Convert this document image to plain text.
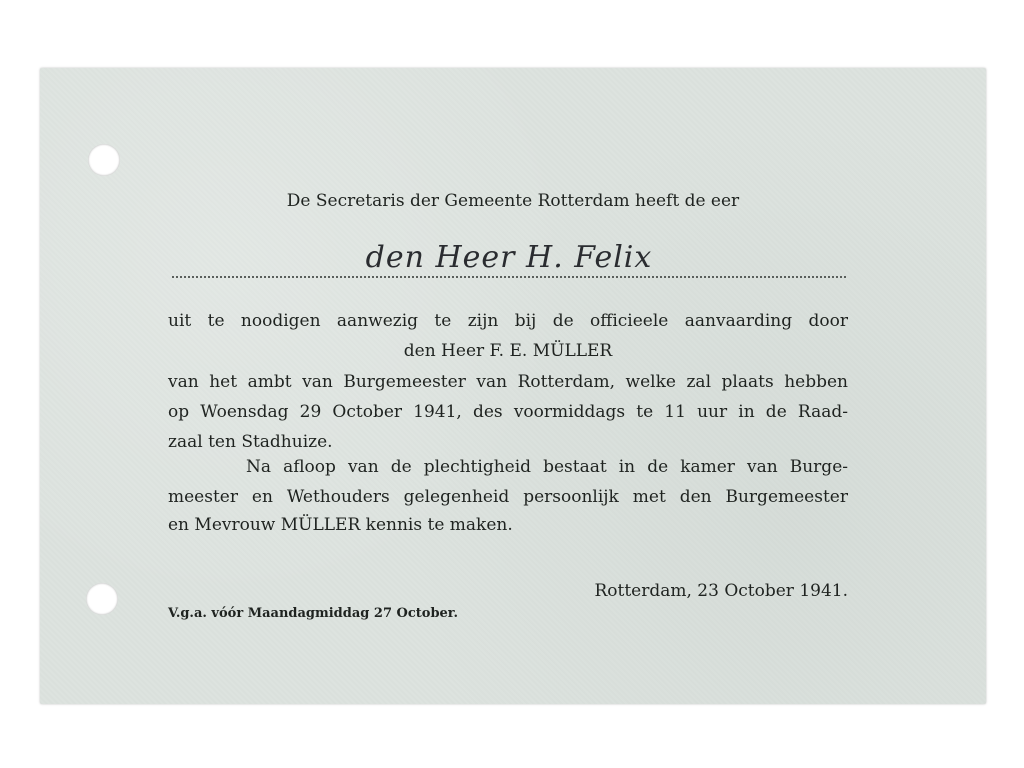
De Secretaris der Gemeente Rotterdam heeft de eer
den Heer H. Felix
uit te noodigen aanwezig te zijn bij de officieele aanvaarding door
den Heer F. E. MÜLLER
van het ambt van Burgemeester van Rotterdam, welke zal plaats hebben
op Woensdag 29 October 1941, des voormiddags te 11 uur in de Raad-
zaal ten Stadhuize.
Na afloop van de plechtigheid bestaat in de kamer van Burge-
meester en Wethouders gelegenheid persoonlijk met den Burgemeester
en Mevrouw MÜLLER kennis te maken.
Rotterdam, 23 October 1941.
V.g.a. vóór Maandagmiddag 27 October.
